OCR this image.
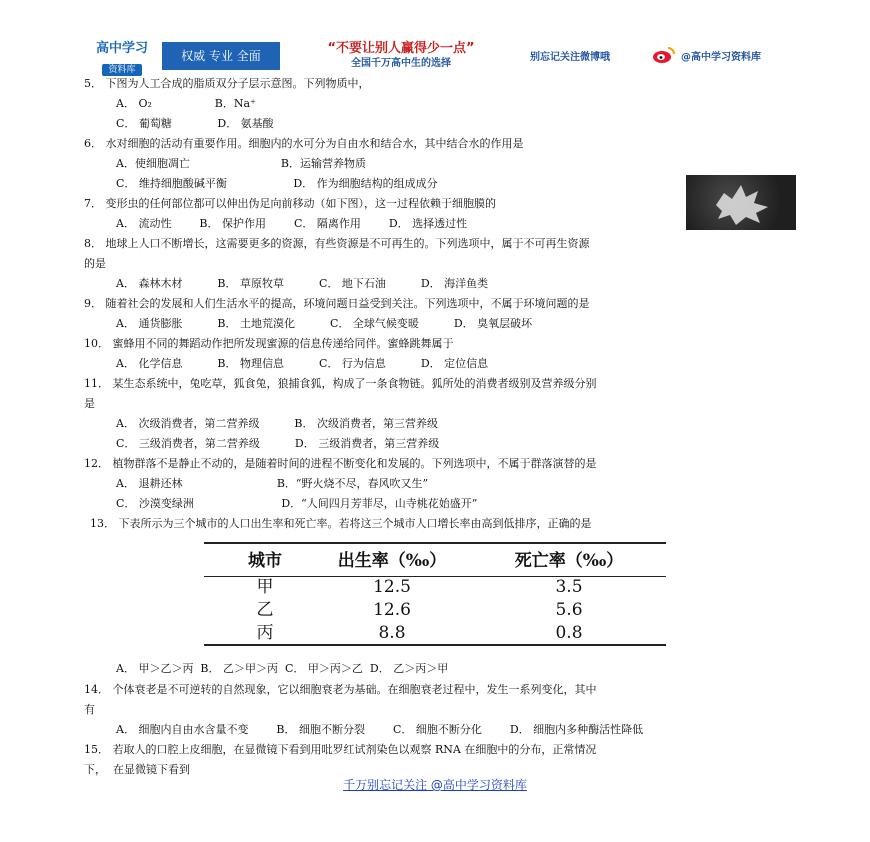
高中学习
资料库
权威 专业 全面	“不要让别人赢得少一点”
全国千万高中生的选择
别忘记关注微博哦	@高中学习资料库
5． 下图为人工合成的脂质双分子层示意图。下列物质中，
A． O₂                  B．Na⁺
C． 葡萄糖             D． 氨基酸
6． 水对细胞的活动有重要作用。细胞内的水可分为自由水和结合水，其中结合水的作用是
A．使细胞凋亡                          B．运输营养物质
C． 维持细胞酸碱平衡                   D． 作为细胞结构的组成成分
7． 变形虫的任何部位都可以伸出伪足向前移动（如下图），这一过程依赖于细胞膜的
A． 流动性        B． 保护作用        C． 隔离作用        D． 选择透过性
8． 地球上人口不断增长，这需要更多的资源，有些资源是不可再生的。下列选项中，属于不可再生资源
的是
A． 森林木材          B． 草原牧草          C． 地下石油          D． 海洋鱼类
9． 随着社会的发展和人们生活水平的提高，环境问题日益受到关注。下列选项中，不属于环境问题的是
A． 通货膨胀          B． 土地荒漠化          C． 全球气候变暖          D． 臭氧层破坏
10． 蜜蜂用不同的舞蹈动作把所发现蜜源的信息传递给同伴。蜜蜂跳舞属于
A． 化学信息          B． 物理信息          C． 行为信息          D． 定位信息
11． 某生态系统中，兔吃草，狐食兔，狼捕食狐，构成了一条食物链。狐所处的消费者级别及营养级分别
是
A． 次级消费者，第二营养级          B． 次级消费者，第三营养级
C． 三级消费者，第二营养级          D． 三级消费者，第三营养级
12． 植物群落不是静止不动的，是随着时间的进程不断变化和发展的。下列选项中，不属于群落演替的是
A． 退耕还林                           B．“野火烧不尽，春风吹又生”
C． 沙漠变绿洲                         D．“人间四月芳菲尽，山寺桃花始盛开”
13． 下表所示为三个城市的人口出生率和死亡率。若将这三个城市人口增长率由高到低排序，正确的是
A． 甲＞乙＞丙  B． 乙＞甲＞丙  C． 甲＞丙＞乙  D． 乙＞丙＞甲
14． 个体衰老是不可逆转的自然现象，它以细胞衰老为基础。在细胞衰老过程中，发生一系列变化，其中
有
A． 细胞内自由水含量不变        B． 细胞不断分裂        C． 细胞不断分化        D． 细胞内多种酶活性降低
15． 若取人的口腔上皮细胞，在显微镜下看到用吡罗红试剂染色以观察 RNA 在细胞中的分布，正常情况
下，  在显微镜下看到
城市	出生率（‰）	死亡率（‰）
甲	12.5	3.5
乙	12.6	5.6
丙	8.8	0.8
千万别忘记关注 @高中学习资料库
